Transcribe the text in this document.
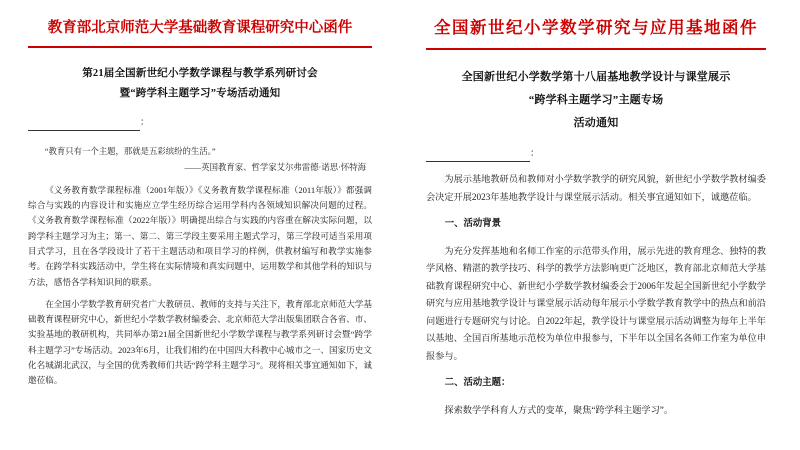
教育部北京师范大学基础教育课程研究中心函件
第21届全国新世纪小学数学课程与教学系列研讨会
暨“跨学科主题学习”专场活动通知
：
“教育只有一个主题，那就是五彩缤纷的生活。”
——英国教育家、哲学家艾尔弗雷德·诺思·怀特海

《义务教育数学课程标准（2001年版）》《义务教育数学课程标准（2011年版）》都强调综合与实践的内容设计和实施应立学生经历综合运用学科内各领域知识解决问题的过程。《义务教育数学课程标准（2022年版）》明确提出综合与实践的内容重在解决实际问题，以跨学科主题学习为主；第一、第二、第三学段主要采用主题式学习，第三学段可适当采用项目式学习，且在各学段设计了若干主题活动和项目学习的样例，供教材编写和教学实施参考。在跨学科实践活动中，学生将在实际情境和真实问题中，运用数学和其他学科的知识与方法，感悟各学科知识间的联系。

在全国小学数学教育研究者广大教研员、教师的支持与关注下，教育部北京师范大学基础教育课程研究中心，新世纪小学数学教材编委会、北京师范大学出版集团联合各省、市、实验基地的教研机构，共同举办第21届全国新世纪小学数学课程与教学系列研讨会暨“跨学科主题学习”专场活动。2023年6月，让我们相约在中国四大科教中心城市之一、国家历史文化名城湖北武汉，与全国的优秀教师们共话“跨学科主题学习”。现将相关事宜通知如下，诚邀莅临。

全国新世纪小学数学研究与应用基地函件
全国新世纪小学数学第十八届基地教学设计与课堂展示
“跨学科主题学习”主题专场
活动通知
：

为展示基地教研员和教师对小学数学教学的研究风貌，新世纪小学数学教材编委会决定开展2023年基地教学设计与课堂展示活动。相关事宜通知如下，诚邀莅临。

一、活动背景

为充分发挥基地和名师工作室的示范带头作用，展示先进的教育理念、独特的教学风格、精湛的教学技巧、科学的教学方法影响更广泛地区，教育部北京师范大学基础教育课程研究中心、新世纪小学数学教材编委会于2006年发起全国新世纪小学数学研究与应用基地教学设计与课堂展示活动每年展示小学数学教育教学中的热点和前沿问题进行专题研究与讨论。自2022年起，教学设计与课堂展示活动调整为每年上半年以基地、全国百所基地示范校为单位申报参与，下半年以全国名各师工作室为单位申报参与。

二、活动主题：

探索数学学科育人方式的变革，聚焦“跨学科主题学习”。
